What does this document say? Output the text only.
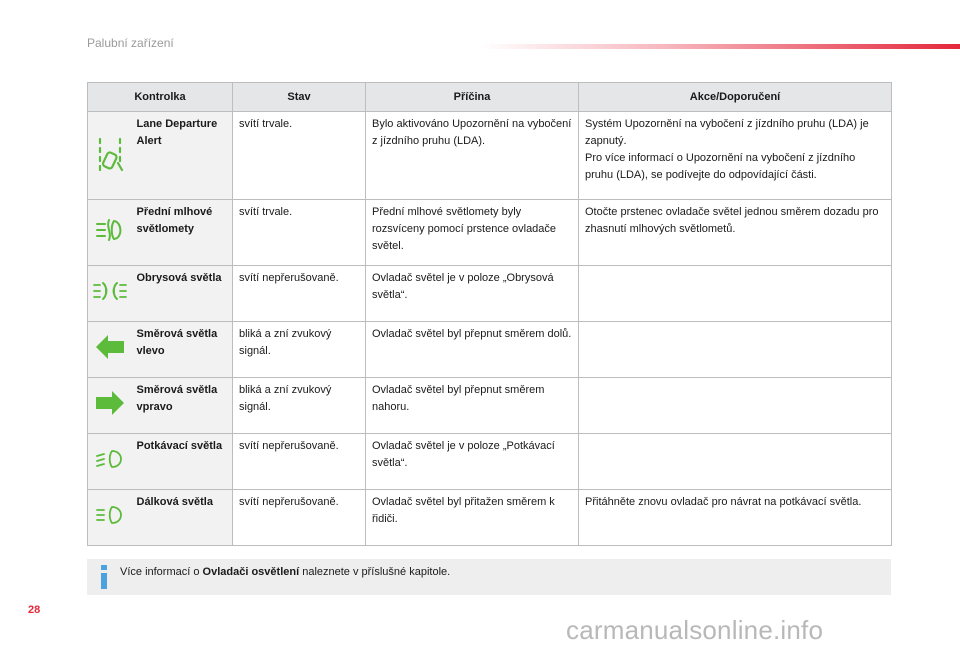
Palubní zařízení
Kontrolka		Stav	Příčina	Akce/Doporučení
	Lane Departure Alert	svítí trvale.	Bylo aktivováno Upozornění na vybočení z jízdního pruhu (LDA).	Systém Upozornění na vybočení z jízdního pruhu (LDA) je zapnutý.
Pro více informací o Upozornění na vybočení z jízdního pruhu (LDA), se podívejte do odpovídající části.
	Přední mlhové světlomety	svítí trvale.	Přední mlhové světlomety byly rozsvíceny pomocí prstence ovladače světel.	Otočte prstenec ovladače světel jednou směrem dozadu pro zhasnutí mlhových světlometů.
	Obrysová světla	svítí nepřerušovaně.	Ovladač světel je v poloze „Obrysová světla“.	
	Směrová světla vlevo	bliká a zní zvukový signál.	Ovladač světel byl přepnut směrem dolů.	
	Směrová světla vpravo	bliká a zní zvukový signál.	Ovladač světel byl přepnut směrem nahoru.	
	Potkávací světla	svítí nepřerušovaně.	Ovladač světel je v poloze „Potkávací světla“.	
	Dálková světla	svítí nepřerušovaně.	Ovladač světel byl přitažen směrem k řidiči.	Přitáhněte znovu ovladač pro návrat na potkávací světla.
Více informací o Ovladači osvětlení naleznete v příslušné kapitole.
28
carmanualsonline.info
